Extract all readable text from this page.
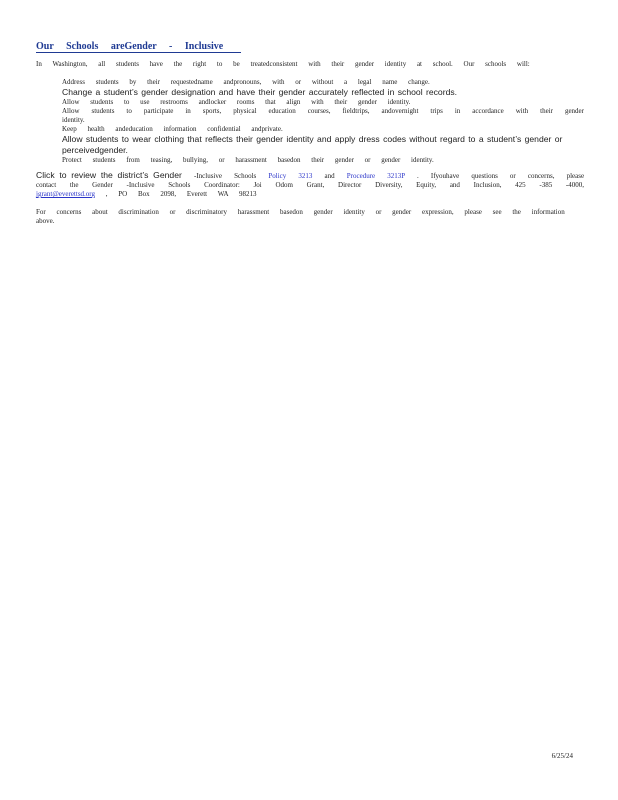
Our Schools areGender - Inclusive
In Washington, all students have the right to be treatedconsistent with their gender identity at school. Our schools will:
Address students by their requestedname andpronouns, with or without a legal name change.
Change a student’s gender designation and have their gender accurately reflected in school records.
Allow students to use restrooms andlocker rooms that align with their gender identity.
Allow students to participate in sports, physical education courses, fieldtrips, andovernight trips in accordance with their gender identity.
Keep health andeducation information confidential andprivate.
Allow students to wear clothing that reflects their gender identity and apply dress codes without regard to a student’s gender or perceivedgender.
Protect students from teasing, bullying, or harassment basedon their gender or gender identity.
Click to review the district’s Gender -Inclusive Schools Policy 3213 and Procedure 3213P . Ifyouhave questions or concerns, please contact the Gender -Inclusive Schools Coordinator: Joi Odom Grant, Director Diversity, Equity, and Inclusion, 425 -385 -4000, jgrant@everettsd.org , PO Box 2098, Everett WA 98213
For concerns about discrimination or discriminatory harassment basedon gender identity or gender expression, please see the information above.
6/25/24
